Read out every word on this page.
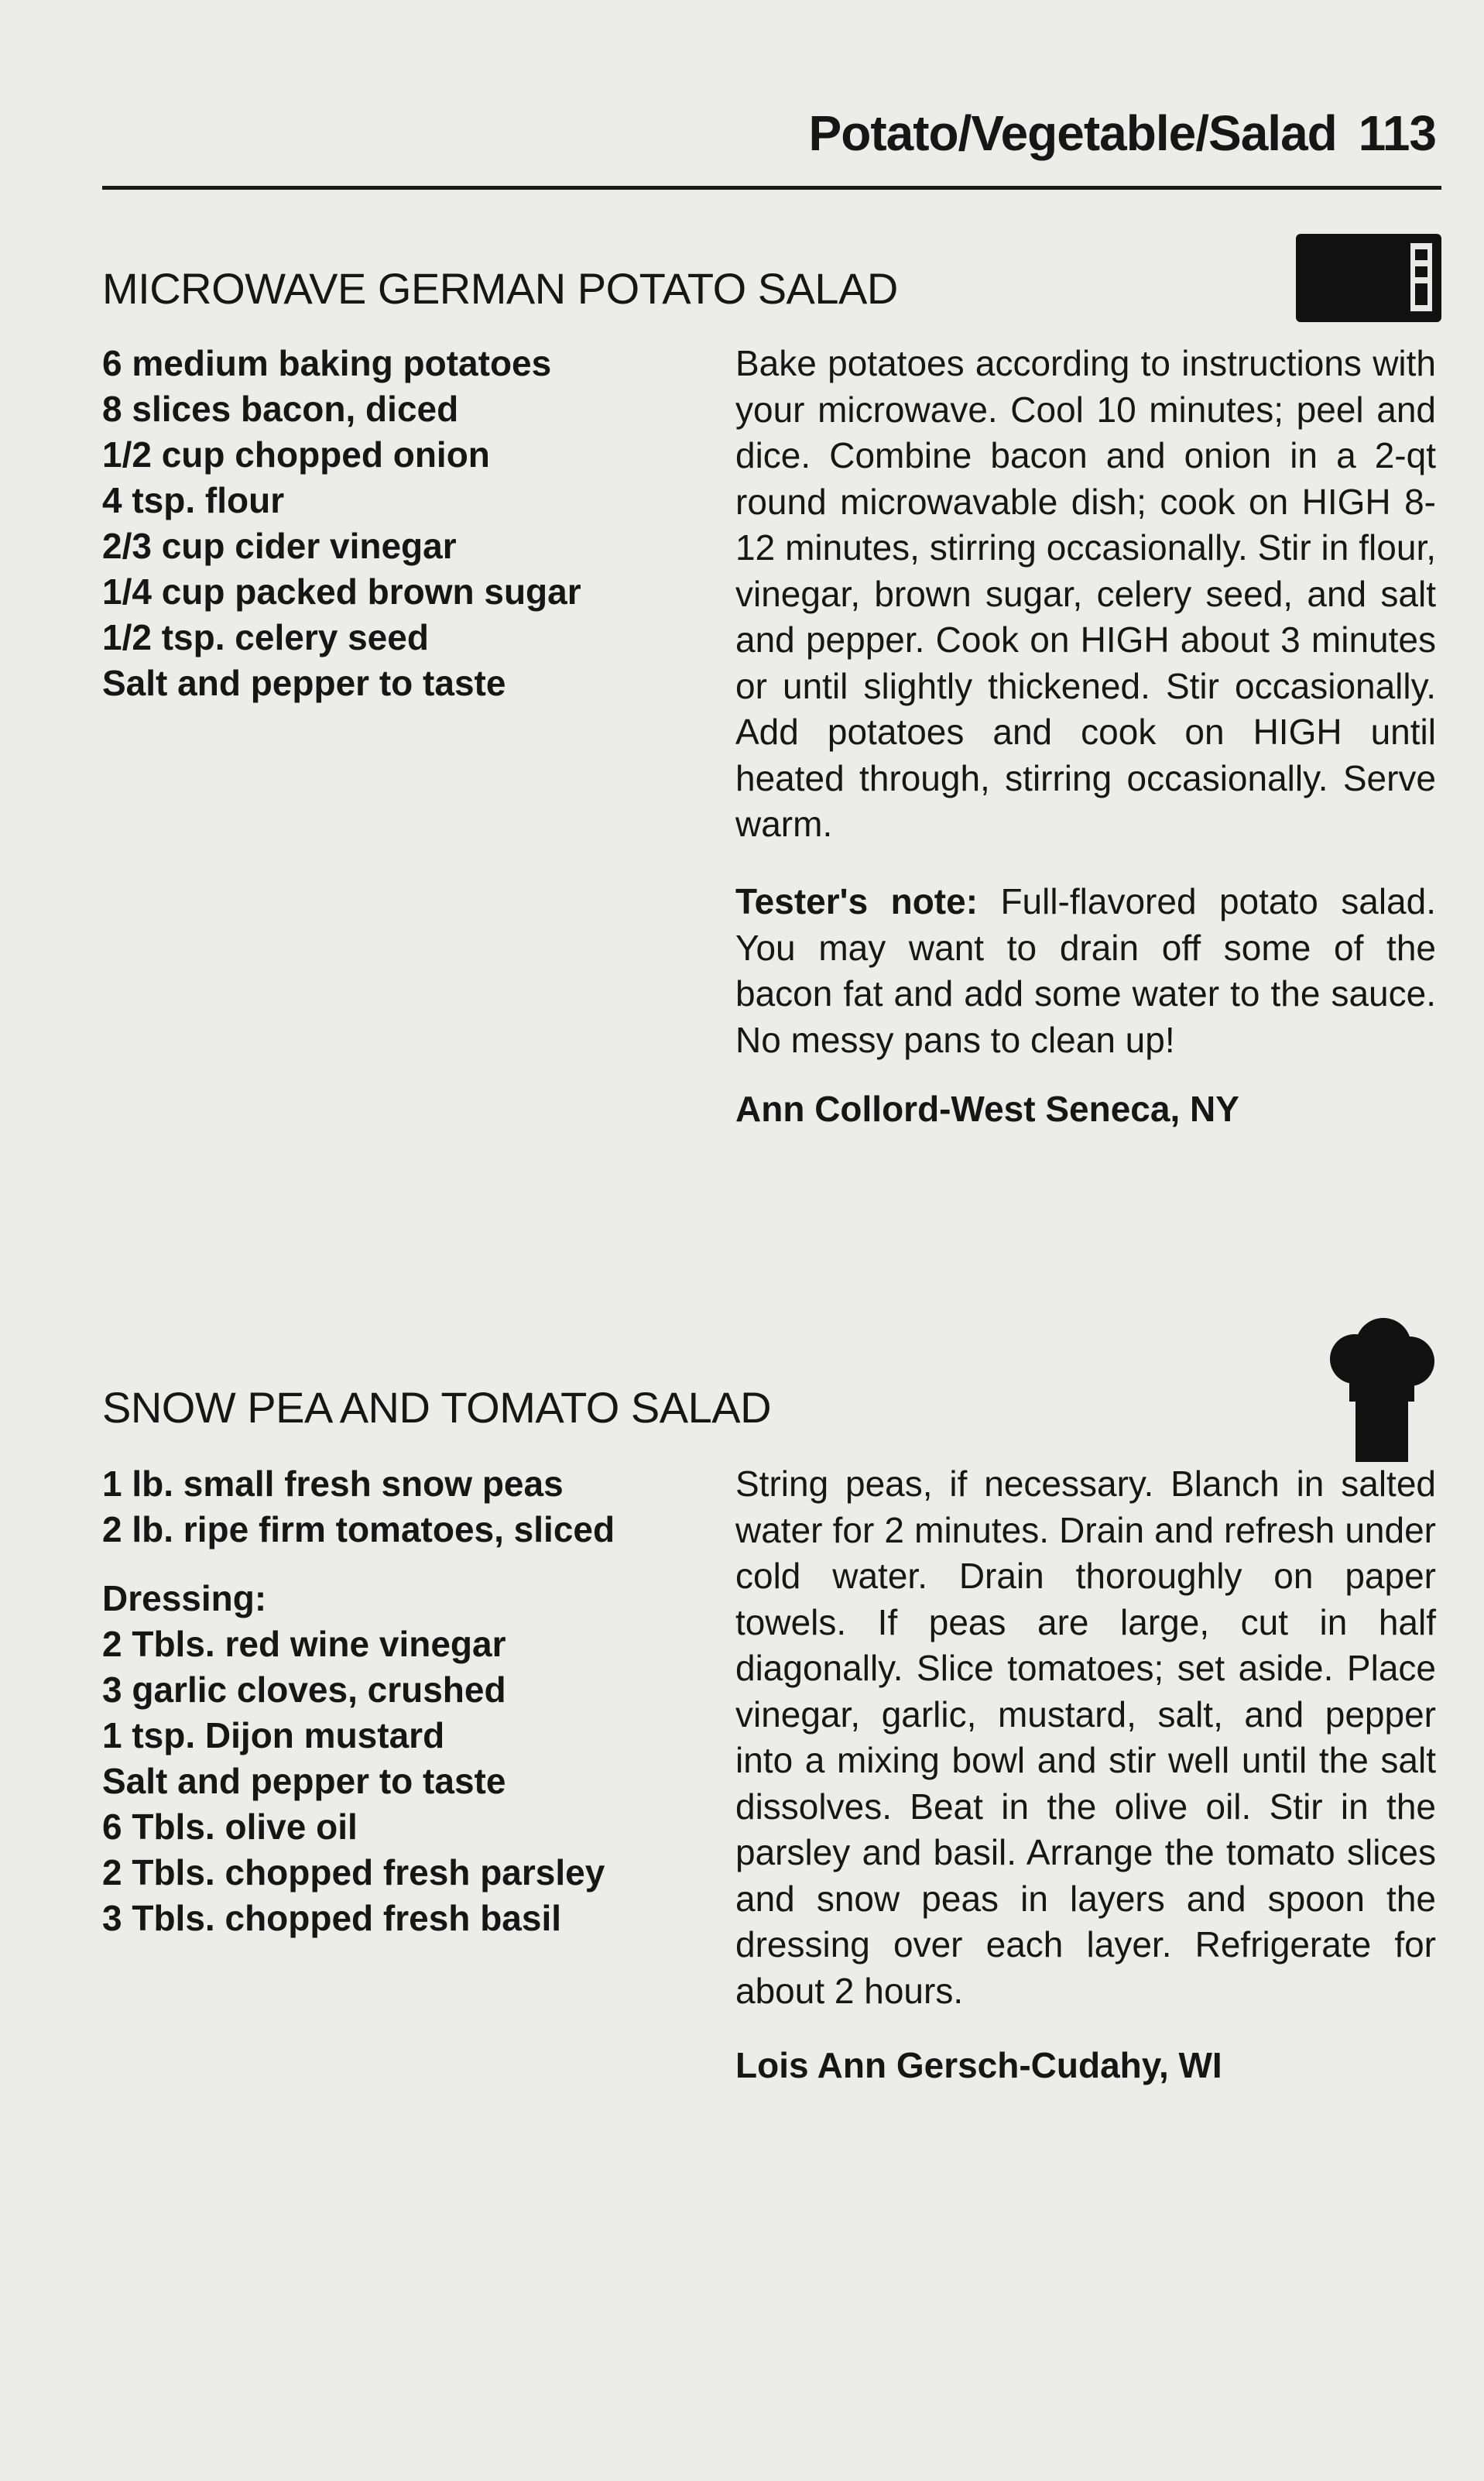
Potato/Vegetable/Salad 113
MICROWAVE GERMAN POTATO SALAD
6 medium baking potatoes
8 slices bacon, diced
1/2 cup chopped onion
4 tsp. flour
2/3 cup cider vinegar
1/4 cup packed brown sugar
1/2 tsp. celery seed
Salt and pepper to taste

Bake potatoes according to instructions with your microwave. Cool 10 minutes; peel and dice. Combine bacon and onion in a 2-qt round microwavable dish; cook on HIGH 8-12 minutes, stirring occasionally. Stir in flour, vinegar, brown sugar, celery seed, and salt and pepper. Cook on HIGH about 3 minutes or until slightly thickened. Stir occasionally. Add potatoes and cook on HIGH until heated through, stirring occasionally. Serve warm.

Tester's note: Full-flavored potato salad. You may want to drain off some of the bacon fat and add some water to the sauce. No messy pans to clean up!

Ann Collord-West Seneca, NY
SNOW PEA AND TOMATO SALAD
1 lb. small fresh snow peas
2 lb. ripe firm tomatoes, sliced
Dressing:
2 Tbls. red wine vinegar
3 garlic cloves, crushed
1 tsp. Dijon mustard
Salt and pepper to taste
6 Tbls. olive oil
2 Tbls. chopped fresh parsley
3 Tbls. chopped fresh basil

String peas, if necessary. Blanch in salted water for 2 minutes. Drain and refresh under cold water. Drain thoroughly on paper towels. If peas are large, cut in half diagonally. Slice tomatoes; set aside. Place vinegar, garlic, mustard, salt, and pepper into a mixing bowl and stir well until the salt dissolves. Beat in the olive oil. Stir in the parsley and basil. Arrange the tomato slices and snow peas in layers and spoon the dressing over each layer. Refrigerate for about 2 hours.

Lois Ann Gersch-Cudahy, WI
